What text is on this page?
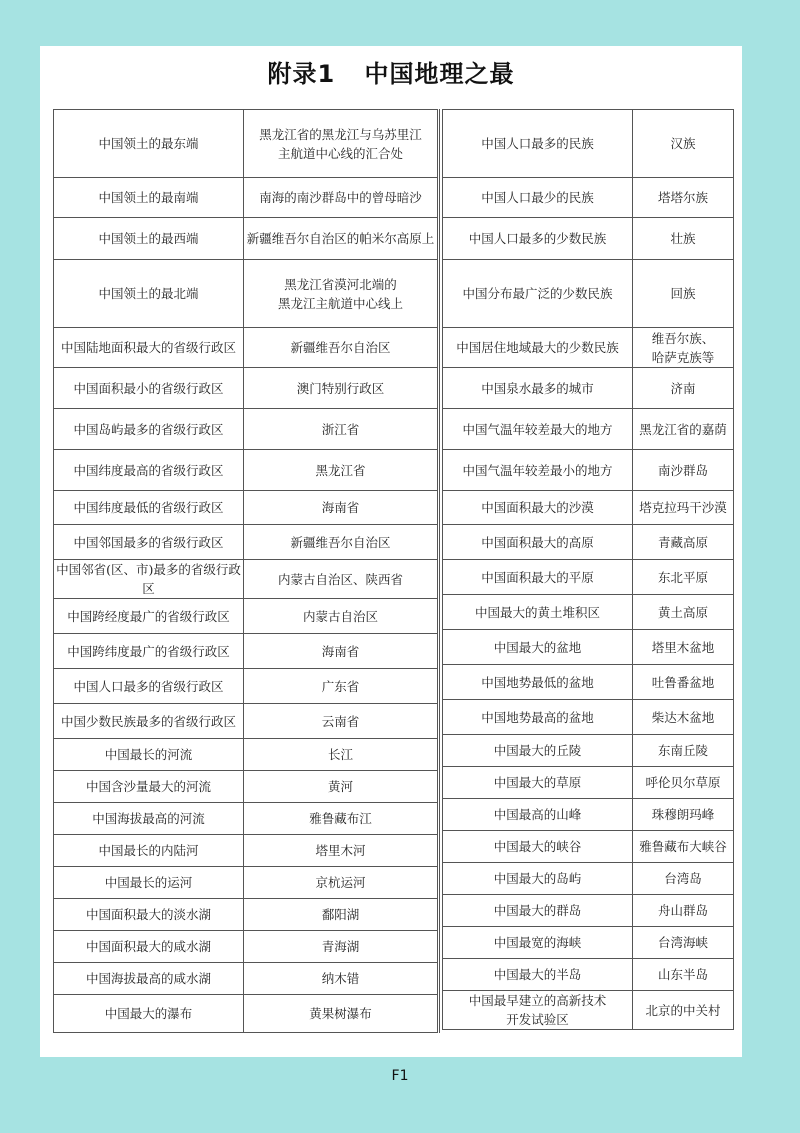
附录1 中国地理之最
中国领土的最东端	黑龙江省的黑龙江与乌苏里江
主航道中心线的汇合处

中国领土的最南端	南海的南沙群岛中的曾母暗沙

中国领土的最西端	新疆维吾尔自治区的帕米尔高原上

中国领土的最北端	黑龙江省漠河北端的
黑龙江主航道中心线上

中国陆地面积最大的省级行政区	新疆维吾尔自治区

中国面积最小的省级行政区	澳门特别行政区

中国岛屿最多的省级行政区	浙江省

中国纬度最高的省级行政区	黑龙江省

中国纬度最低的省级行政区	海南省

中国邻国最多的省级行政区	新疆维吾尔自治区

中国邻省(区、市)最多的省级行政区	内蒙古自治区、陕西省

中国跨经度最广的省级行政区	内蒙古自治区

中国跨纬度最广的省级行政区	海南省

中国人口最多的省级行政区	广东省

中国少数民族最多的省级行政区	云南省

中国最长的河流	长江

中国含沙量最大的河流	黄河

中国海拔最高的河流	雅鲁藏布江

中国最长的内陆河	塔里木河

中国最长的运河	京杭运河

中国面积最大的淡水湖	鄱阳湖

中国面积最大的咸水湖	青海湖

中国海拔最高的咸水湖	纳木错

中国最大的瀑布	黄果树瀑布
中国人口最多的民族	汉族

中国人口最少的民族	塔塔尔族

中国人口最多的少数民族	壮族

中国分布最广泛的少数民族	回族

中国居住地域最大的少数民族	维吾尔族、
哈萨克族等

中国泉水最多的城市	济南

中国气温年较差最大的地方	黑龙江省的嘉荫

中国气温年较差最小的地方	南沙群岛

中国面积最大的沙漠	塔克拉玛干沙漠

中国面积最大的高原	青藏高原

中国面积最大的平原	东北平原

中国最大的黄土堆积区	黄土高原

中国最大的盆地	塔里木盆地

中国地势最低的盆地	吐鲁番盆地

中国地势最高的盆地	柴达木盆地

中国最大的丘陵	东南丘陵

中国最大的草原	呼伦贝尔草原

中国最高的山峰	珠穆朗玛峰

中国最大的峡谷	雅鲁藏布大峡谷

中国最大的岛屿	台湾岛

中国最大的群岛	舟山群岛

中国最宽的海峡	台湾海峡

中国最大的半岛	山东半岛

中国最早建立的高新技术
开发试验区	北京的中关村
F1
